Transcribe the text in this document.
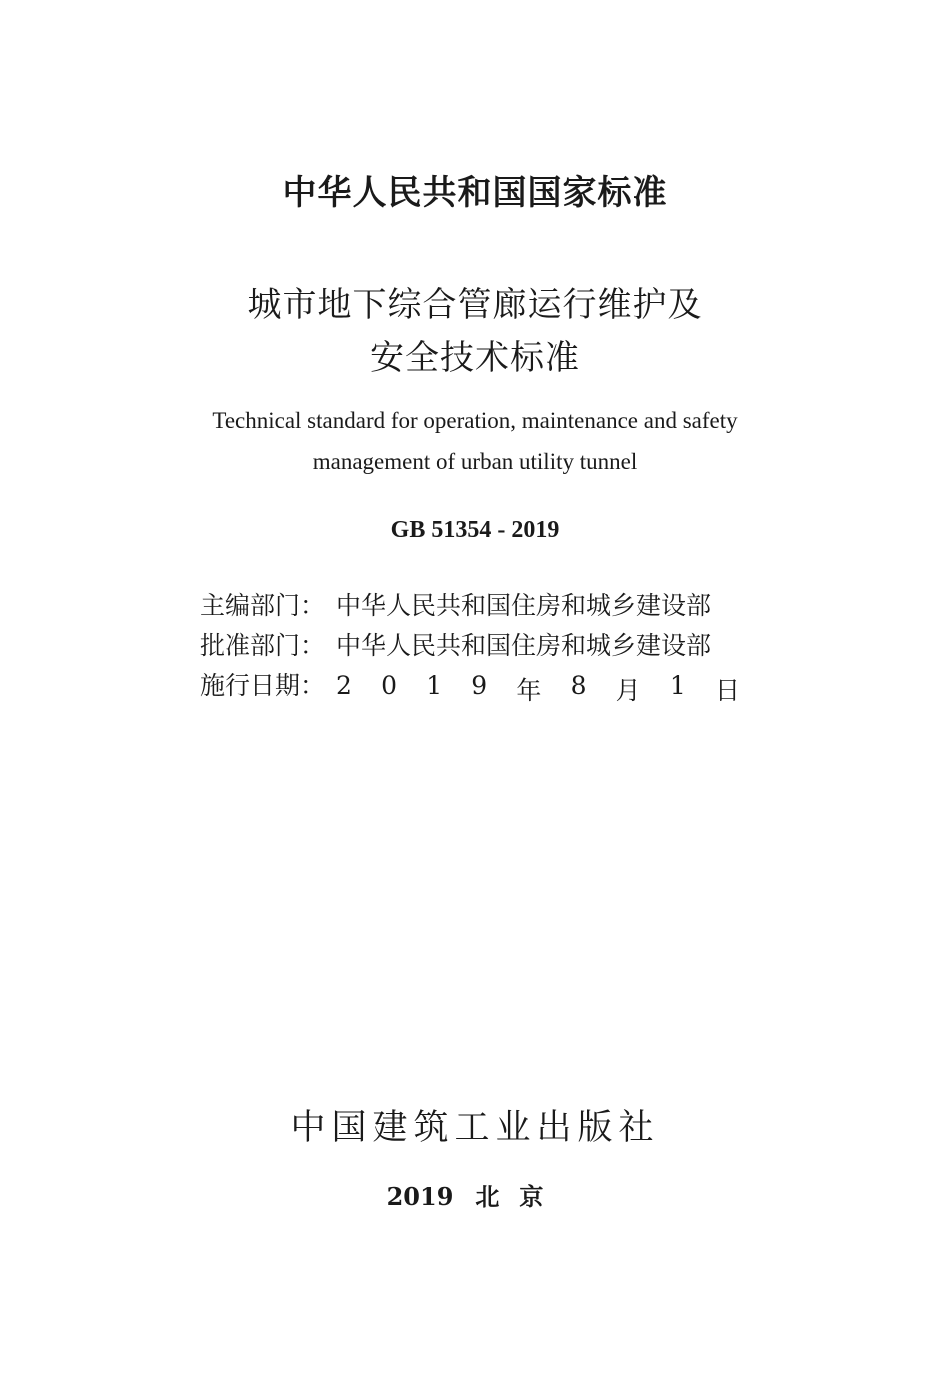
中华人民共和国国家标准
城市地下综合管廊运行维护及
安全技术标准
Technical standard for operation, maintenance and safety
management of urban utility tunnel
GB 51354 - 2019
主编部门： 中华人民共和国住房和城乡建设部
批准部门： 中华人民共和国住房和城乡建设部
施行日期： 2 0 1 9 年 8 月 1 日
中国建筑工业出版社
2019 北京
